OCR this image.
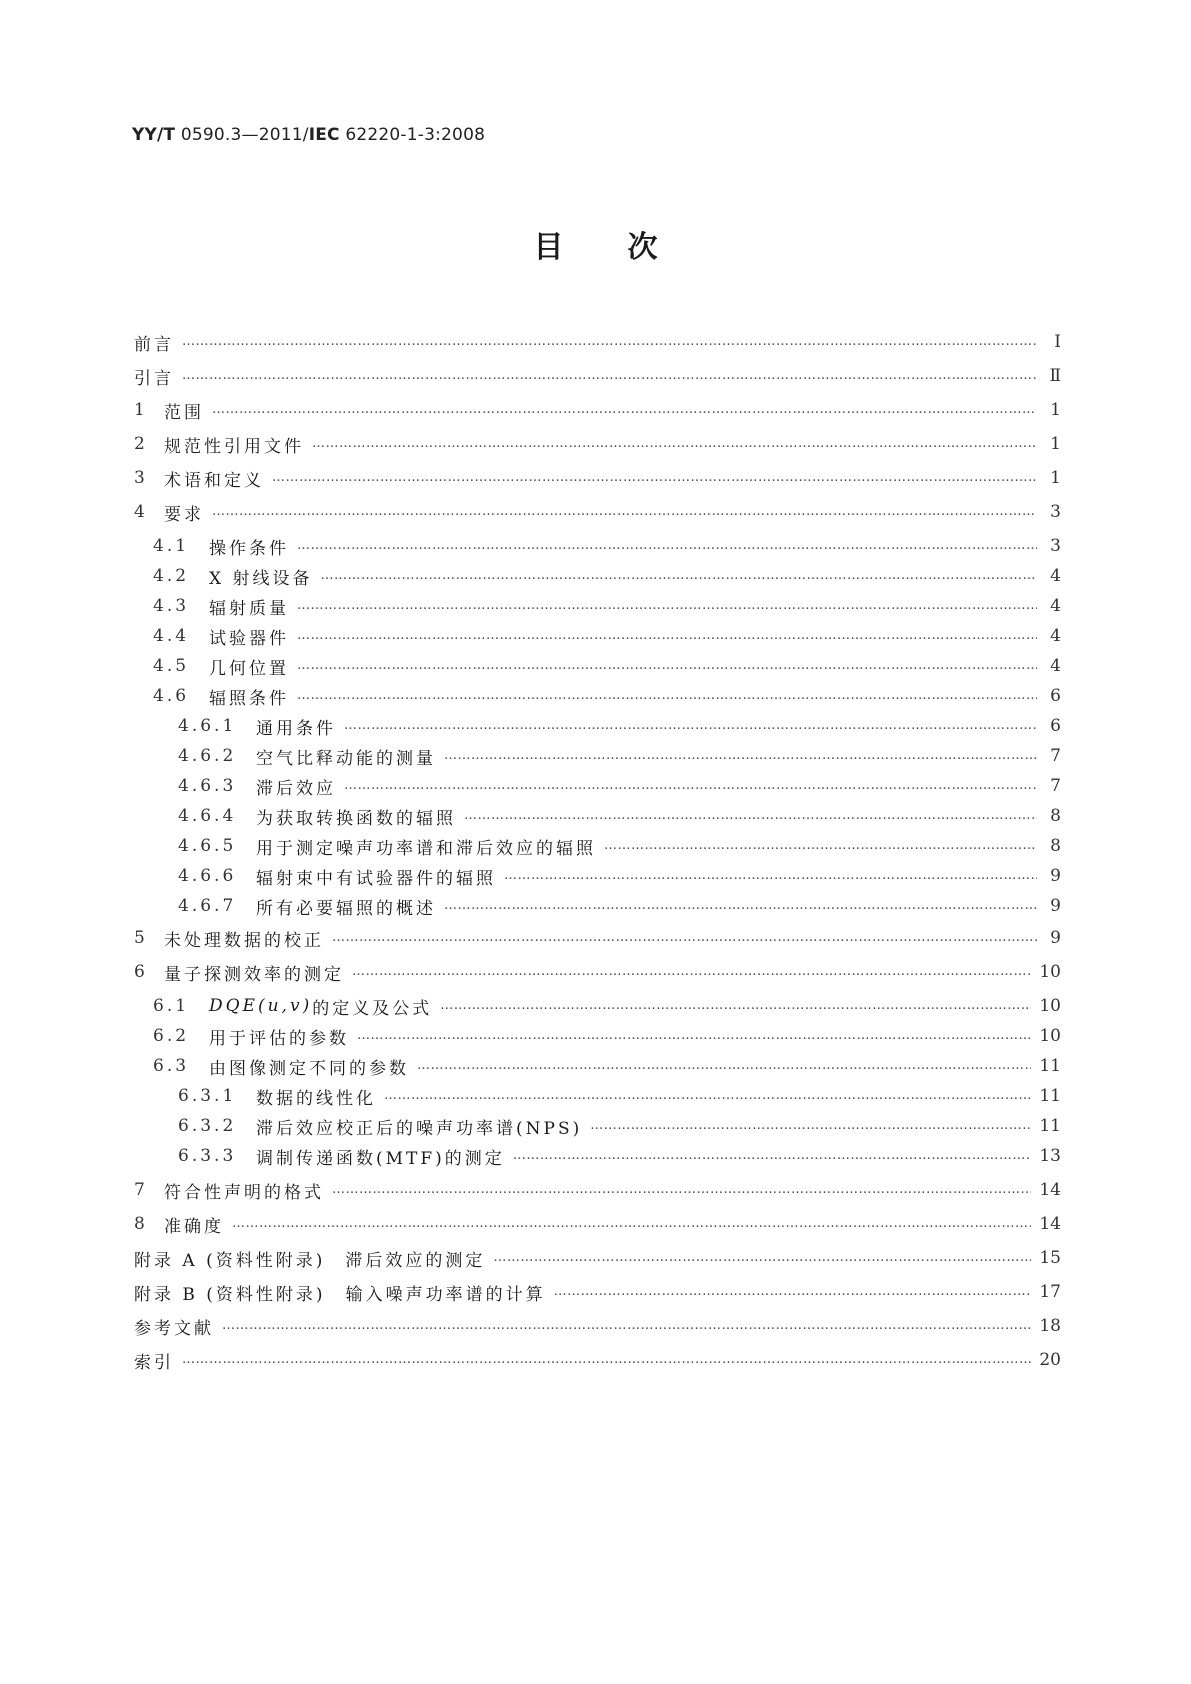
YY/T 0590.3—2011/IEC 62220-1-3:2008
目次
前言 ………………………………………………………………………………………………………………………………………………………………………………………………………………………………………………………………………	Ⅰ
引言 ………………………………………………………………………………………………………………………………………………………………………………………………………………………………………………………………………	Ⅱ
1 范围 ………………………………………………………………………………………………………………………………………………………………………………………………………………………………………………………………………	1
2 规范性引用文件 ………………………………………………………………………………………………………………………………………………………………………………………………………………………………………………………………………	1
3 术语和定义 ………………………………………………………………………………………………………………………………………………………………………………………………………………………………………………………………………	1
4 要求 ………………………………………………………………………………………………………………………………………………………………………………………………………………………………………………………………………	3
4.1	操作条件 ………………………………………………………………………………………………………………………………………………………………………………………………………………………………………………………………………	3
4.2	X 射线设备 ………………………………………………………………………………………………………………………………………………………………………………………………………………………………………………………………………	4
4.3	辐射质量 ………………………………………………………………………………………………………………………………………………………………………………………………………………………………………………………………………	4
4.4	试验器件 ………………………………………………………………………………………………………………………………………………………………………………………………………………………………………………………………………	4
4.5	几何位置 ………………………………………………………………………………………………………………………………………………………………………………………………………………………………………………………………………	4
4.6	辐照条件 ………………………………………………………………………………………………………………………………………………………………………………………………………………………………………………………………………	6
4.6.1	通用条件 ………………………………………………………………………………………………………………………………………………………………………………………………………………………………………………………………………	6
4.6.2	空气比释动能的测量 ………………………………………………………………………………………………………………………………………………………………………………………………………………………………………………………………………	7
4.6.3	滞后效应 ………………………………………………………………………………………………………………………………………………………………………………………………………………………………………………………………………	7
4.6.4	为获取转换函数的辐照 ………………………………………………………………………………………………………………………………………………………………………………………………………………………………………………………………………	8
4.6.5	用于测定噪声功率谱和滞后效应的辐照 ………………………………………………………………………………………………………………………………………………………………………………………………………………………………………………………………………	8
4.6.6	辐射束中有试验器件的辐照 ………………………………………………………………………………………………………………………………………………………………………………………………………………………………………………………………………	9
4.6.7	所有必要辐照的概述 ………………………………………………………………………………………………………………………………………………………………………………………………………………………………………………………………………	9
5 未处理数据的校正 ………………………………………………………………………………………………………………………………………………………………………………………………………………………………………………………………………	9
6 量子探测效率的测定 ………………………………………………………………………………………………………………………………………………………………………………………………………………………………………………………………………	10
6.1	DQE(u,v) 的定义及公式 ………………………………………………………………………………………………………………………………………………………………………………………………………………………………………………………………………	10
6.2	用于评估的参数 ………………………………………………………………………………………………………………………………………………………………………………………………………………………………………………………………………	10
6.3	由图像测定不同的参数 ………………………………………………………………………………………………………………………………………………………………………………………………………………………………………………………………………	11
6.3.1	数据的线性化 ………………………………………………………………………………………………………………………………………………………………………………………………………………………………………………………………………	11
6.3.2	滞后效应校正后的噪声功率谱(NPS) ………………………………………………………………………………………………………………………………………………………………………………………………………………………………………………………………………	11
6.3.3	调制传递函数(MTF)的测定 ………………………………………………………………………………………………………………………………………………………………………………………………………………………………………………………………………	13
7 符合性声明的格式 ………………………………………………………………………………………………………………………………………………………………………………………………………………………………………………………………………	14
8 准确度 ………………………………………………………………………………………………………………………………………………………………………………………………………………………………………………………………………	14
附录 A (资料性附录)　滞后效应的测定 ………………………………………………………………………………………………………………………………………………………………………………………………………………………………………………………………………	15
附录 B (资料性附录)　输入噪声功率谱的计算 ………………………………………………………………………………………………………………………………………………………………………………………………………………………………………………………………………	17
参考文献 ………………………………………………………………………………………………………………………………………………………………………………………………………………………………………………………………………	18
索引 ………………………………………………………………………………………………………………………………………………………………………………………………………………………………………………………………………	20
